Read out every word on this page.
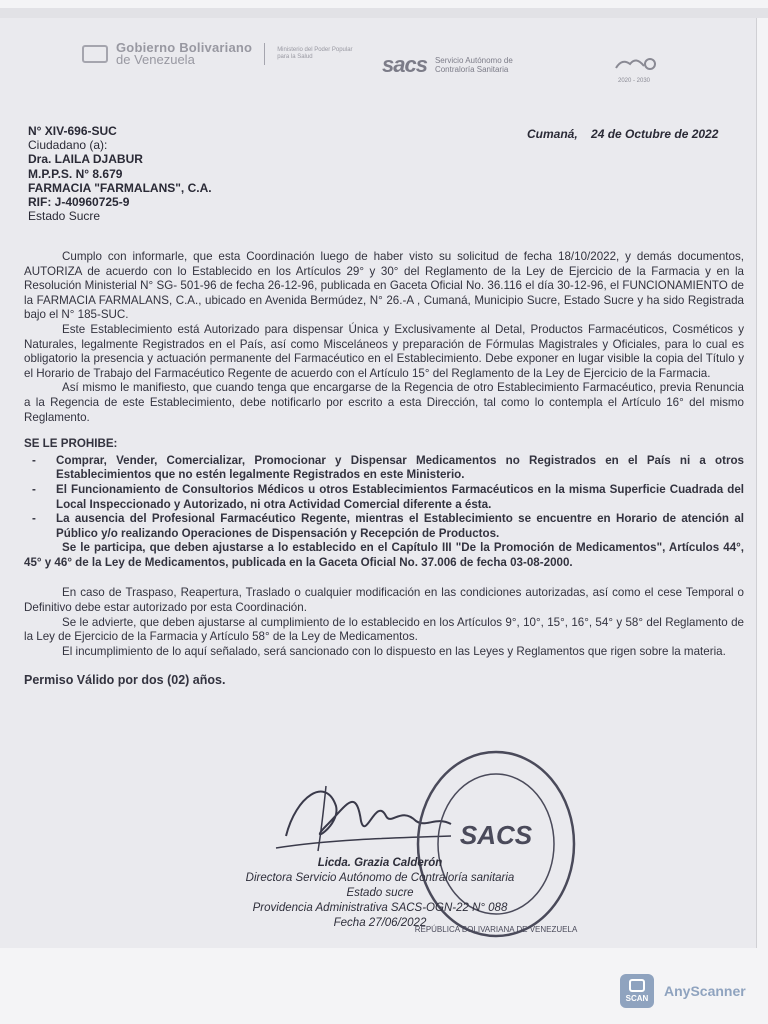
Gobierno Bolivariano
de Venezuela
Ministerio del Poder Popular para la Salud	sacs Servicio Autónomo de Contraloría Sanitaria
2020 - 2030
N° XIV-696-SUC
Ciudadano (a):
Dra. LAILA DJABUR
M.P.P.S. N° 8.679
FARMACIA "FARMALANS", C.A.
RIF: J-40960725-9
Estado Sucre
Cumaná,    24 de Octubre de 2022

Cumplo con informarle, que esta Coordinación luego de haber visto su solicitud de fecha 18/10/2022, y demás documentos, AUTORIZA de acuerdo con lo Establecido en los Artículos 29° y 30° del Reglamento de la Ley de Ejercicio de la Farmacia y en la Resolución Ministerial N° SG- 501-96 de fecha 26-12-96, publicada en Gaceta Oficial No. 36.116 el día 30-12-96, el FUNCIONAMIENTO de la FARMACIA FARMALANS, C.A., ubicado en Avenida Bermúdez, N° 26.-A , Cumaná, Municipio Sucre, Estado Sucre y ha sido Registrada bajo el N° 185-SUC.

Este Establecimiento está Autorizado para dispensar Única y Exclusivamente al Detal, Productos Farmacéuticos, Cosméticos y Naturales, legalmente Registrados en el País, así como Misceláneos y preparación de Fórmulas Magistrales y Oficiales, para lo cual es obligatorio la presencia y actuación permanente del Farmacéutico en el Establecimiento. Debe exponer en lugar visible la copia del Título y el Horario de Trabajo del Farmacéutico Regente de acuerdo con el Artículo 15° del Reglamento de la Ley de Ejercicio de la Farmacia.

Así mismo le manifiesto, que cuando tenga que encargarse de la Regencia de otro Establecimiento Farmacéutico, previa Renuncia a la Regencia de este Establecimiento, debe notificarlo por escrito a esta Dirección, tal como lo contempla el Artículo 16° del mismo Reglamento.

SE LE PROHIBE:
- Comprar, Vender, Comercializar, Promocionar y Dispensar Medicamentos no Registrados en el País ni a otros Establecimientos que no estén legalmente Registrados en este Ministerio.
- El Funcionamiento de Consultorios Médicos u otros Establecimientos Farmacéuticos en la misma Superficie Cuadrada del Local Inspeccionado y Autorizado, ni otra Actividad Comercial diferente a ésta.
- La ausencia del Profesional Farmacéutico Regente, mientras el Establecimiento se encuentre en Horario de atención al Público y/o realizando Operaciones de Dispensación y Recepción de Productos.

Se le participa, que deben ajustarse a lo establecido en el Capítulo III "De la Promoción de Medicamentos", Artículos 44°, 45° y 46° de la Ley de Medicamentos, publicada en la Gaceta Oficial No. 37.006 de fecha 03-08-2000.

En caso de Traspaso, Reapertura, Traslado o cualquier modificación en las condiciones autorizadas, así como el cese Temporal o Definitivo debe estar autorizado por esta Coordinación.

Se le advierte, que deben ajustarse al cumplimiento de lo establecido en los Artículos 9°, 10°, 15°, 16°, 54° y 58° del Reglamento de la Ley de Ejercicio de la Farmacia y Artículo 58° de la Ley de Medicamentos.

El incumplimiento de lo aquí señalado, será sancionado con lo dispuesto en las Leyes y Reglamentos que rigen sobre la materia.

Permiso Válido por dos (02) años.
SACS
REPÚBLICA BOLIVARIANA DE VENEZUELA
Licda. Grazia Calderón
Directora Servicio Autónomo de Contraloría sanitaria
Estado sucre
Providencia Administrativa SACS-OGN-22 N° 088
Fecha 27/06/2022
SCAN AnyScanner
